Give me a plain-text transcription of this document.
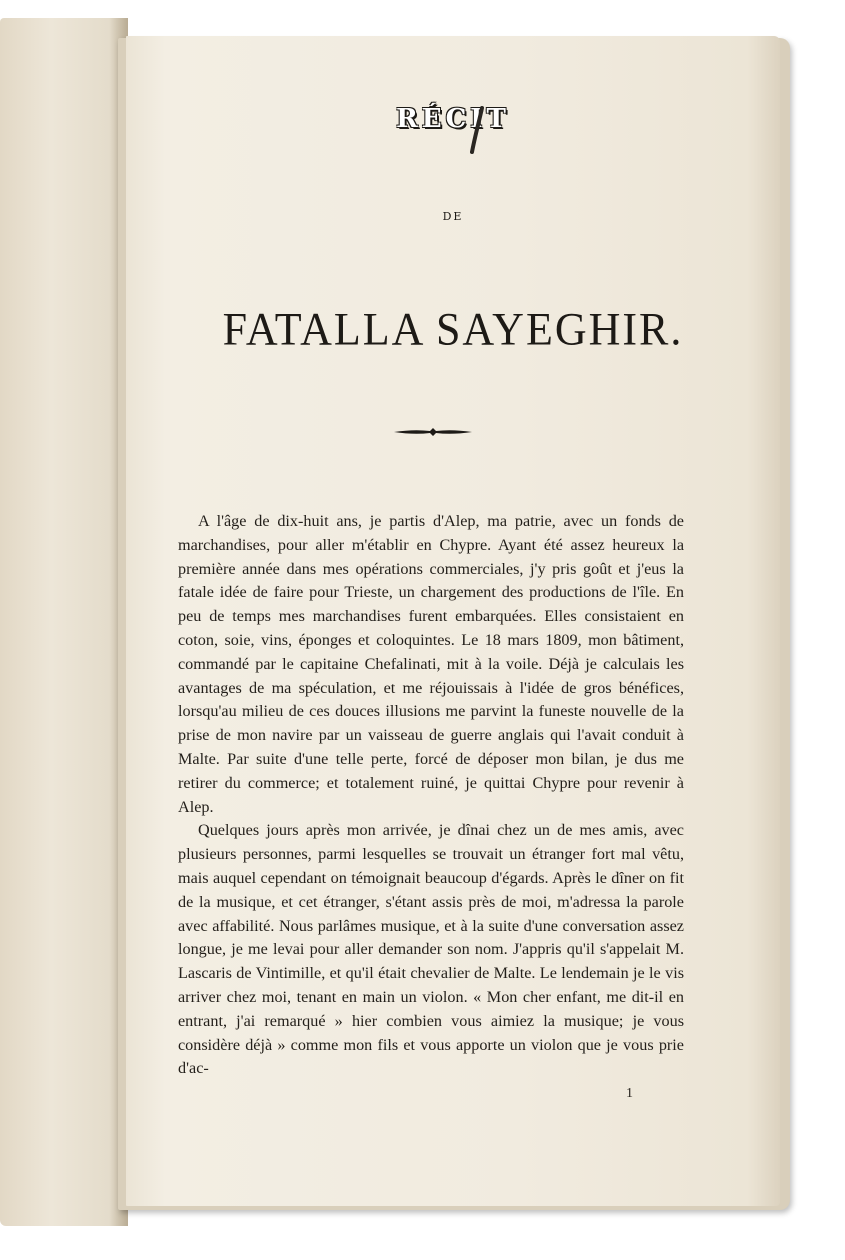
RÉCIT
DE
FATALLA SAYEGHIR.

A l'âge de dix-huit ans, je partis d'Alep, ma patrie, avec un fonds de marchandises, pour aller m'établir en Chypre. Ayant été assez heureux la première année dans mes opérations commerciales, j'y pris goût et j'eus la fatale idée de faire pour Trieste, un chargement des productions de l'île. En peu de temps mes marchandises furent embarquées. Elles consistaient en coton, soie, vins, éponges et coloquintes. Le 18 mars 1809, mon bâtiment, commandé par le capitaine Chefalinati, mit à la voile. Déjà je calculais les avantages de ma spéculation, et me réjouissais à l'idée de gros bénéfices, lorsqu'au milieu de ces douces illusions me parvint la funeste nouvelle de la prise de mon navire par un vaisseau de guerre anglais qui l'avait conduit à Malte. Par suite d'une telle perte, forcé de déposer mon bilan, je dus me retirer du commerce; et totalement ruiné, je quittai Chypre pour revenir à Alep.

Quelques jours après mon arrivée, je dînai chez un de mes amis, avec plusieurs personnes, parmi lesquelles se trouvait un étranger fort mal vêtu, mais auquel cependant on témoignait beaucoup d'égards. Après le dîner on fit de la musique, et cet étranger, s'étant assis près de moi, m'adressa la parole avec affabilité. Nous parlâmes musique, et à la suite d'une conversation assez longue, je me levai pour aller demander son nom. J'appris qu'il s'appelait M. Lascaris de Vintimille, et qu'il était chevalier de Malte. Le lendemain je le vis arriver chez moi, tenant en main un violon. « Mon cher enfant, me dit-il en entrant, j'ai remarqué » hier combien vous aimiez la musique; je vous considère déjà » comme mon fils et vous apporte un violon que je vous prie d'ac-

1
